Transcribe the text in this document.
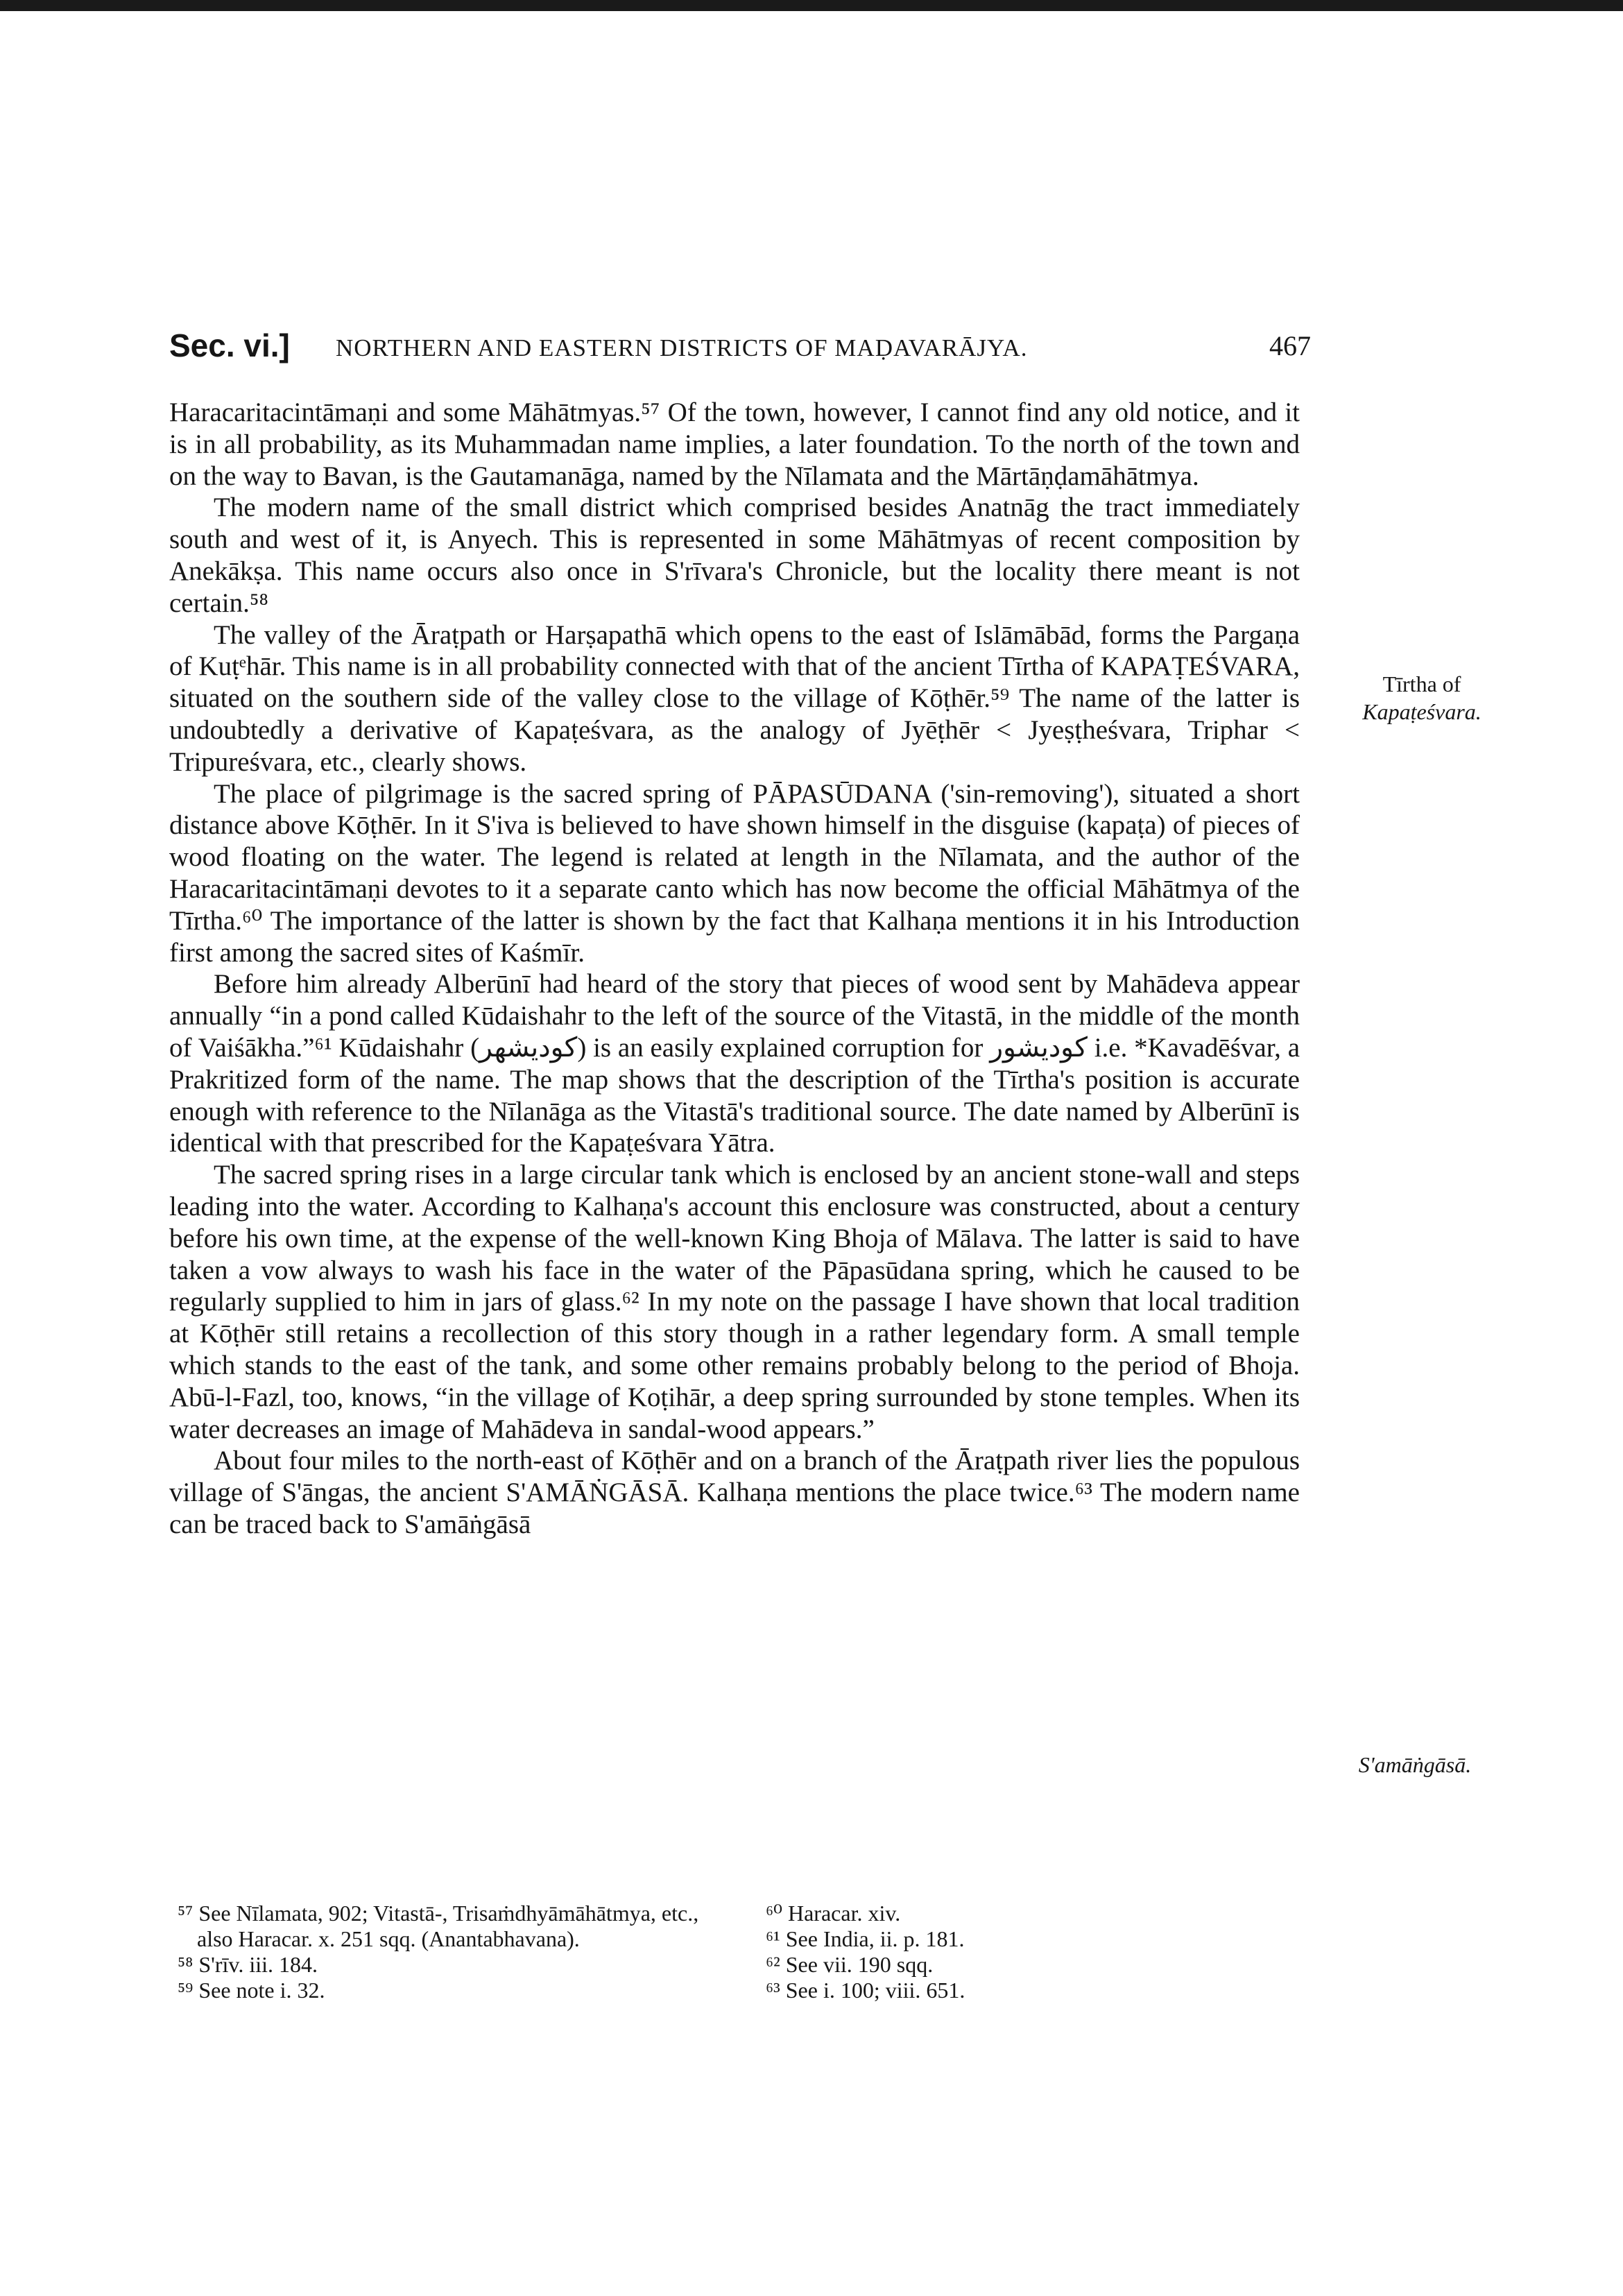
Sec. vi.] NORTHERN AND EASTERN DISTRICTS OF MAḌAVARĀJYA.	467

Haracaritacintāmaṇi and some Māhātmyas.⁵⁷ Of the town, however, I cannot find any old notice, and it is in all probability, as its Muhammadan name implies, a later foundation. To the north of the town and on the way to Bavan, is the Gautamanāga, named by the Nīlamata and the Mārtāṇḍamāhātmya.

The modern name of the small district which comprised besides Anatnāg the tract immediately south and west of it, is Anyech. This is represented in some Māhātmyas of recent composition by Anekākṣa. This name occurs also once in S'rīvara's Chronicle, but the locality there meant is not certain.⁵⁸

The valley of the Āraṭpath or Harṣapathā which opens to the east of Islāmābād, forms the Pargaṇa of Kuṭᵉhār. This name is in all probability connected with that of the ancient Tīrtha of KAPAṬEŚVARA, situated on the southern side of the valley close to the village of Kōṭhēr.⁵⁹ The name of the latter is undoubtedly a derivative of Kapaṭeśvara, as the analogy of Jyēṭhēr < Jyeṣṭheśvara, Triphar < Tripureśvara, etc., clearly shows.

The place of pilgrimage is the sacred spring of PĀPASŪDANA ('sin-removing'), situated a short distance above Kōṭhēr. In it S'iva is believed to have shown himself in the disguise (kapaṭa) of pieces of wood floating on the water. The legend is related at length in the Nīlamata, and the author of the Haracaritacintāmaṇi devotes to it a separate canto which has now become the official Māhātmya of the Tīrtha.⁶⁰ The importance of the latter is shown by the fact that Kalhaṇa mentions it in his Introduction first among the sacred sites of Kaśmīr.

Before him already Alberūnī had heard of the story that pieces of wood sent by Mahādeva appear annually “in a pond called Kūdaishahr to the left of the source of the Vitastā, in the middle of the month of Vaiśākha.”⁶¹ Kūdaishahr (کودیشهر) is an easily explained corruption for کودیشور i.e. *Kavadēśvar, a Prakritized form of the name. The map shows that the description of the Tīrtha's position is accurate enough with reference to the Nīlanāga as the Vitastā's traditional source. The date named by Alberūnī is identical with that prescribed for the Kapaṭeśvara Yātra.

The sacred spring rises in a large circular tank which is enclosed by an ancient stone-wall and steps leading into the water. According to Kalhaṇa's account this enclosure was constructed, about a century before his own time, at the expense of the well-known King Bhoja of Mālava. The latter is said to have taken a vow always to wash his face in the water of the Pāpasūdana spring, which he caused to be regularly supplied to him in jars of glass.⁶² In my note on the passage I have shown that local tradition at Kōṭhēr still retains a recollection of this story though in a rather legendary form. A small temple which stands to the east of the tank, and some other remains probably belong to the period of Bhoja. Abū-l-Fazl, too, knows, “in the village of Koṭihār, a deep spring surrounded by stone temples. When its water decreases an image of Mahādeva in sandal-wood appears.”

About four miles to the north-east of Kōṭhēr and on a branch of the Āraṭpath river lies the populous village of S'āngas, the ancient S'AMĀṄGĀSĀ. Kalhaṇa mentions the place twice.⁶³ The modern name can be traced back to S'amāṅgāsā

Tīrtha of
Kapaṭeśvara.
S'amāṅgāsā.

⁵⁷ See Nīlamata, 902; Vitastā-, Trisaṁdhyāmāhātmya, etc., also Haracar. x. 251 sqq. (Anantabhavana).

⁵⁸ S'rīv. iii. 184.

⁵⁹ See note i. 32.

⁶⁰ Haracar. xiv.

⁶¹ See India, ii. p. 181.

⁶² See vii. 190 sqq.

⁶³ See i. 100; viii. 651.
